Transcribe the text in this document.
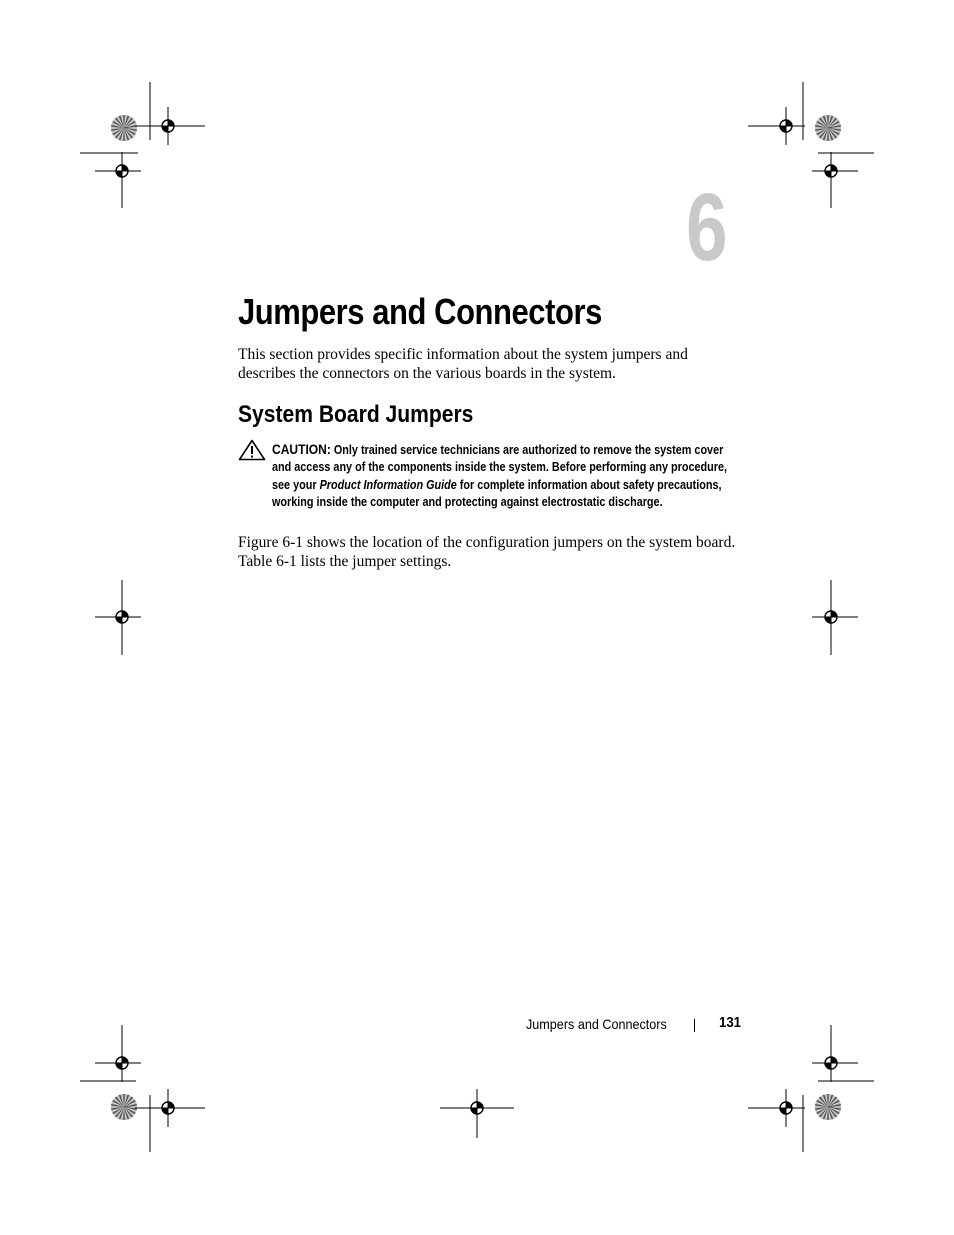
6
Jumpers and Connectors

This section provides specific information about the system jumpers and describes the connectors on the various boards in the system.

System Board Jumpers
CAUTION: Only trained service technicians are authorized to remove the system cover and access any of the components inside the system. Before performing any procedure, see your Product Information Guide for complete information about safety precautions, working inside the computer and protecting against electrostatic discharge.

Figure 6-1 shows the location of the configuration jumpers on the system board. Table 6-1 lists the jumper settings.

Jumpers and Connectors	131
